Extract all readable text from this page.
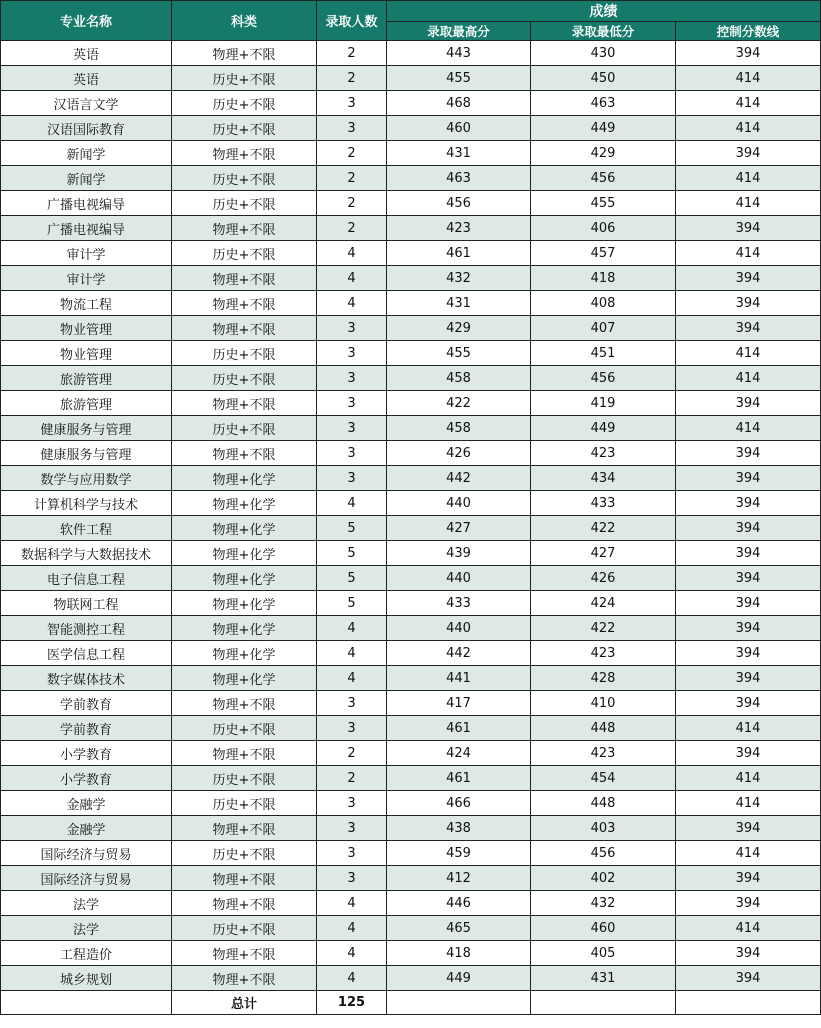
专业名称	科类	录取人数	成绩		
			录取最高分	录取最低分	控制分数线
英语	物理+不限	2	443	430	394
英语	历史+不限	2	455	450	414
汉语言文学	历史+不限	3	468	463	414
汉语国际教育	历史+不限	3	460	449	414
新闻学	物理+不限	2	431	429	394
新闻学	历史+不限	2	463	456	414
广播电视编导	历史+不限	2	456	455	414
广播电视编导	物理+不限	2	423	406	394
审计学	历史+不限	4	461	457	414
审计学	物理+不限	4	432	418	394
物流工程	物理+不限	4	431	408	394
物业管理	物理+不限	3	429	407	394
物业管理	历史+不限	3	455	451	414
旅游管理	历史+不限	3	458	456	414
旅游管理	物理+不限	3	422	419	394
健康服务与管理	历史+不限	3	458	449	414
健康服务与管理	物理+不限	3	426	423	394
数学与应用数学	物理+化学	3	442	434	394
计算机科学与技术	物理+化学	4	440	433	394
软件工程	物理+化学	5	427	422	394
数据科学与大数据技术	物理+化学	5	439	427	394
电子信息工程	物理+化学	5	440	426	394
物联网工程	物理+化学	5	433	424	394
智能测控工程	物理+化学	4	440	422	394
医学信息工程	物理+化学	4	442	423	394
数字媒体技术	物理+化学	4	441	428	394
学前教育	物理+不限	3	417	410	394
学前教育	历史+不限	3	461	448	414
小学教育	物理+不限	2	424	423	394
小学教育	历史+不限	2	461	454	414
金融学	历史+不限	3	466	448	414
金融学	物理+不限	3	438	403	394
国际经济与贸易	历史+不限	3	459	456	414
国际经济与贸易	物理+不限	3	412	402	394
法学	物理+不限	4	446	432	394
法学	历史+不限	4	465	460	414
工程造价	物理+不限	4	418	405	394
城乡规划	物理+不限	4	449	431	394
	总计	125			
